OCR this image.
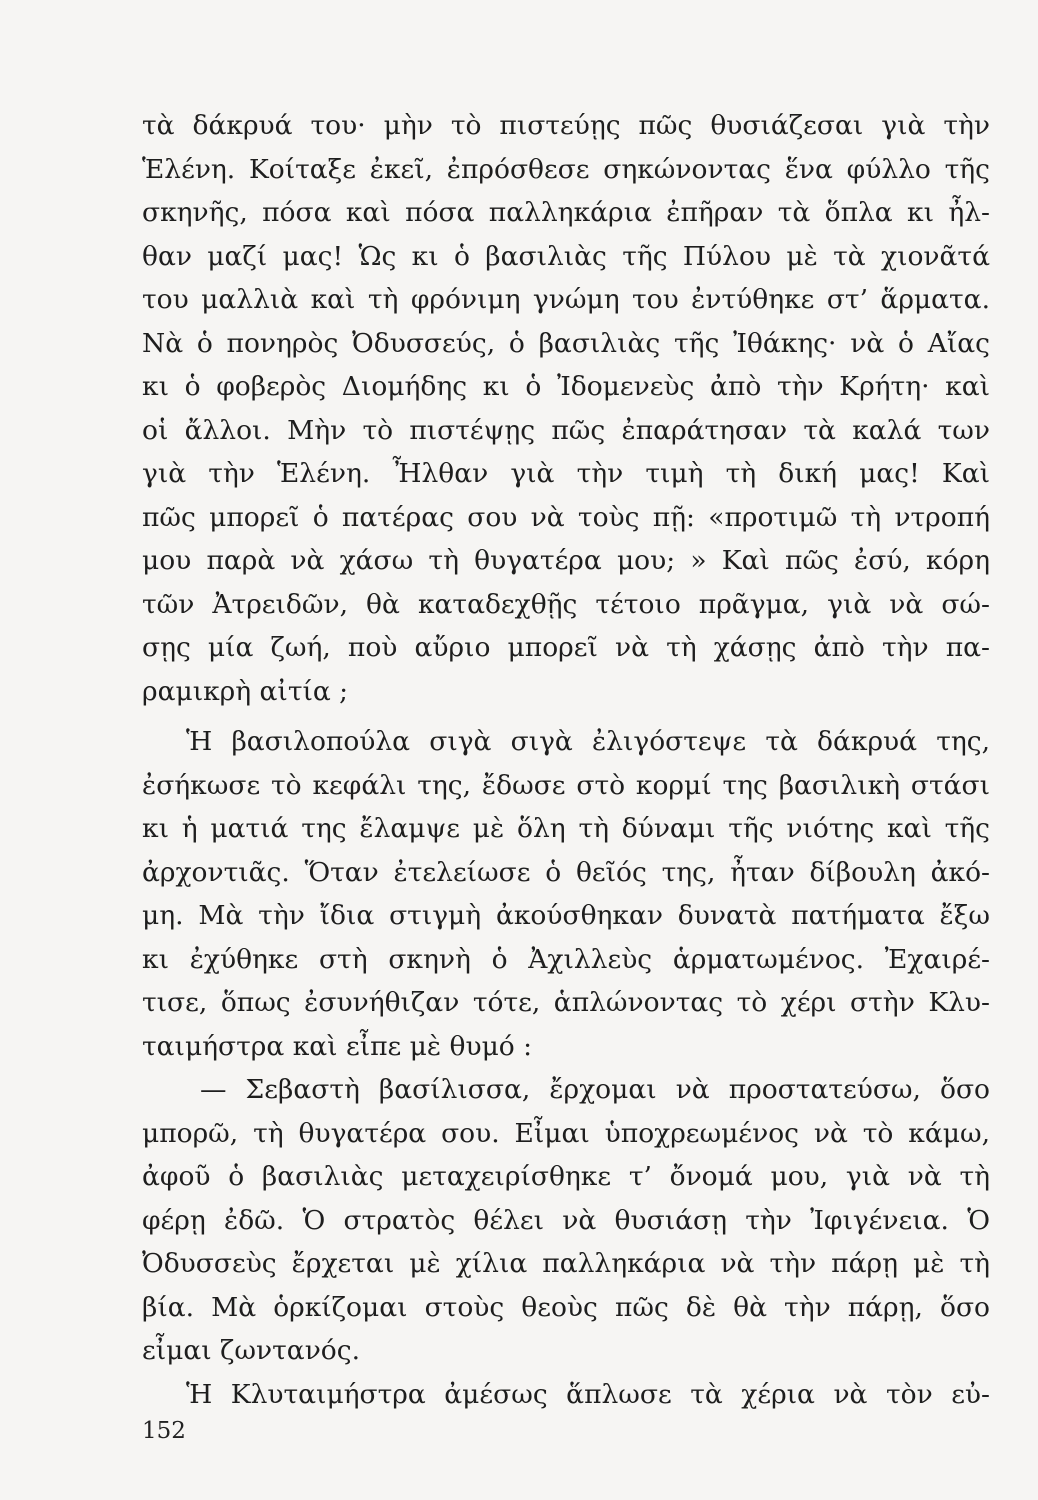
τὰ δάκρυά του· μὴν τὸ πιστεύῃς πῶς θυσιάζεσαι γιὰ τὴν
Ἑλένη. Κοίταξε ἐκεῖ, ἐπρόσθεσε σηκώνοντας ἕνα φύλλο τῆς
σκηνῆς, πόσα καὶ πόσα παλληκάρια ἐπῆραν τὰ ὅπλα κι ἦλ-
θαν μαζί μας! Ὡς κι ὁ βασιλιὰς τῆς Πύλου μὲ τὰ χιονᾶτά
του μαλλιὰ καὶ τὴ φρόνιμη γνώμη του ἐντύθηκε στ’ ἅρματα.
Νὰ ὁ πονηρὸς Ὀδυσσεύς, ὁ βασιλιὰς τῆς Ἰθάκης· νὰ ὁ Αἴας
κι ὁ φοβερὸς Διομήδης κι ὁ Ἰδομενεὺς ἀπὸ τὴν Κρήτη· καὶ
οἱ ἄλλοι. Μὴν τὸ πιστέψῃς πῶς ἐπαράτησαν τὰ καλά των
γιὰ τὴν Ἑλένη. Ἦλθαν γιὰ τὴν τιμὴ τὴ δική μας! Καὶ
πῶς μπορεῖ ὁ πατέρας σου νὰ τοὺς πῇ: «προτιμῶ τὴ ντροπή
μου παρὰ νὰ χάσω τὴ θυγατέρα μου; » Καὶ πῶς ἐσύ, κόρη
τῶν Ἀτρειδῶν, θὰ καταδεχθῇς τέτοιο πρᾶγμα, γιὰ νὰ σώ-
σῃς μία ζωή, ποὺ αὔριο μπορεῖ νὰ τὴ χάσῃς ἀπὸ τὴν πα-
ραμικρὴ αἰτία ;
Ἡ βασιλοπούλα σιγὰ σιγὰ ἐλιγόστεψε τὰ δάκρυά της,
ἐσήκωσε τὸ κεφάλι της, ἔδωσε στὸ κορμί της βασιλικὴ στάσι
κι ἡ ματιά της ἔλαμψε μὲ ὅλη τὴ δύναμι τῆς νιότης καὶ τῆς
ἀρχοντιᾶς. Ὅταν ἐτελείωσε ὁ θεῖός της, ἦταν δίβουλη ἀκό-
μη. Μὰ τὴν ἴδια στιγμὴ ἀκούσθηκαν δυνατὰ πατήματα ἔξω
κι ἐχύθηκε στὴ σκηνὴ ὁ Ἀχιλλεὺς ἁρματωμένος. Ἐχαιρέ-
τισε, ὅπως ἐσυνήθιζαν τότε, ἁπλώνοντας τὸ χέρι στὴν Κλυ-
ταιμήστρα καὶ εἶπε μὲ θυμό :
— Σεβαστὴ βασίλισσα, ἔρχομαι νὰ προστατεύσω, ὅσο
μπορῶ, τὴ θυγατέρα σου. Εἶμαι ὑποχρεωμένος νὰ τὸ κάμω,
ἀφοῦ ὁ βασιλιὰς μεταχειρίσθηκε τ’ ὄνομά μου, γιὰ νὰ τὴ
φέρῃ ἐδῶ. Ὁ στρατὸς θέλει νὰ θυσιάσῃ τὴν Ἰφιγένεια. Ὁ
Ὀδυσσεὺς ἔρχεται μὲ χίλια παλληκάρια νὰ τὴν πάρῃ μὲ τὴ
βία. Μὰ ὁρκίζομαι στοὺς θεοὺς πῶς δὲ θὰ τὴν πάρῃ, ὅσο
εἶμαι ζωντανός.
Ἡ Κλυταιμήστρα ἀμέσως ἅπλωσε τὰ χέρια νὰ τὸν εὐ-
152
